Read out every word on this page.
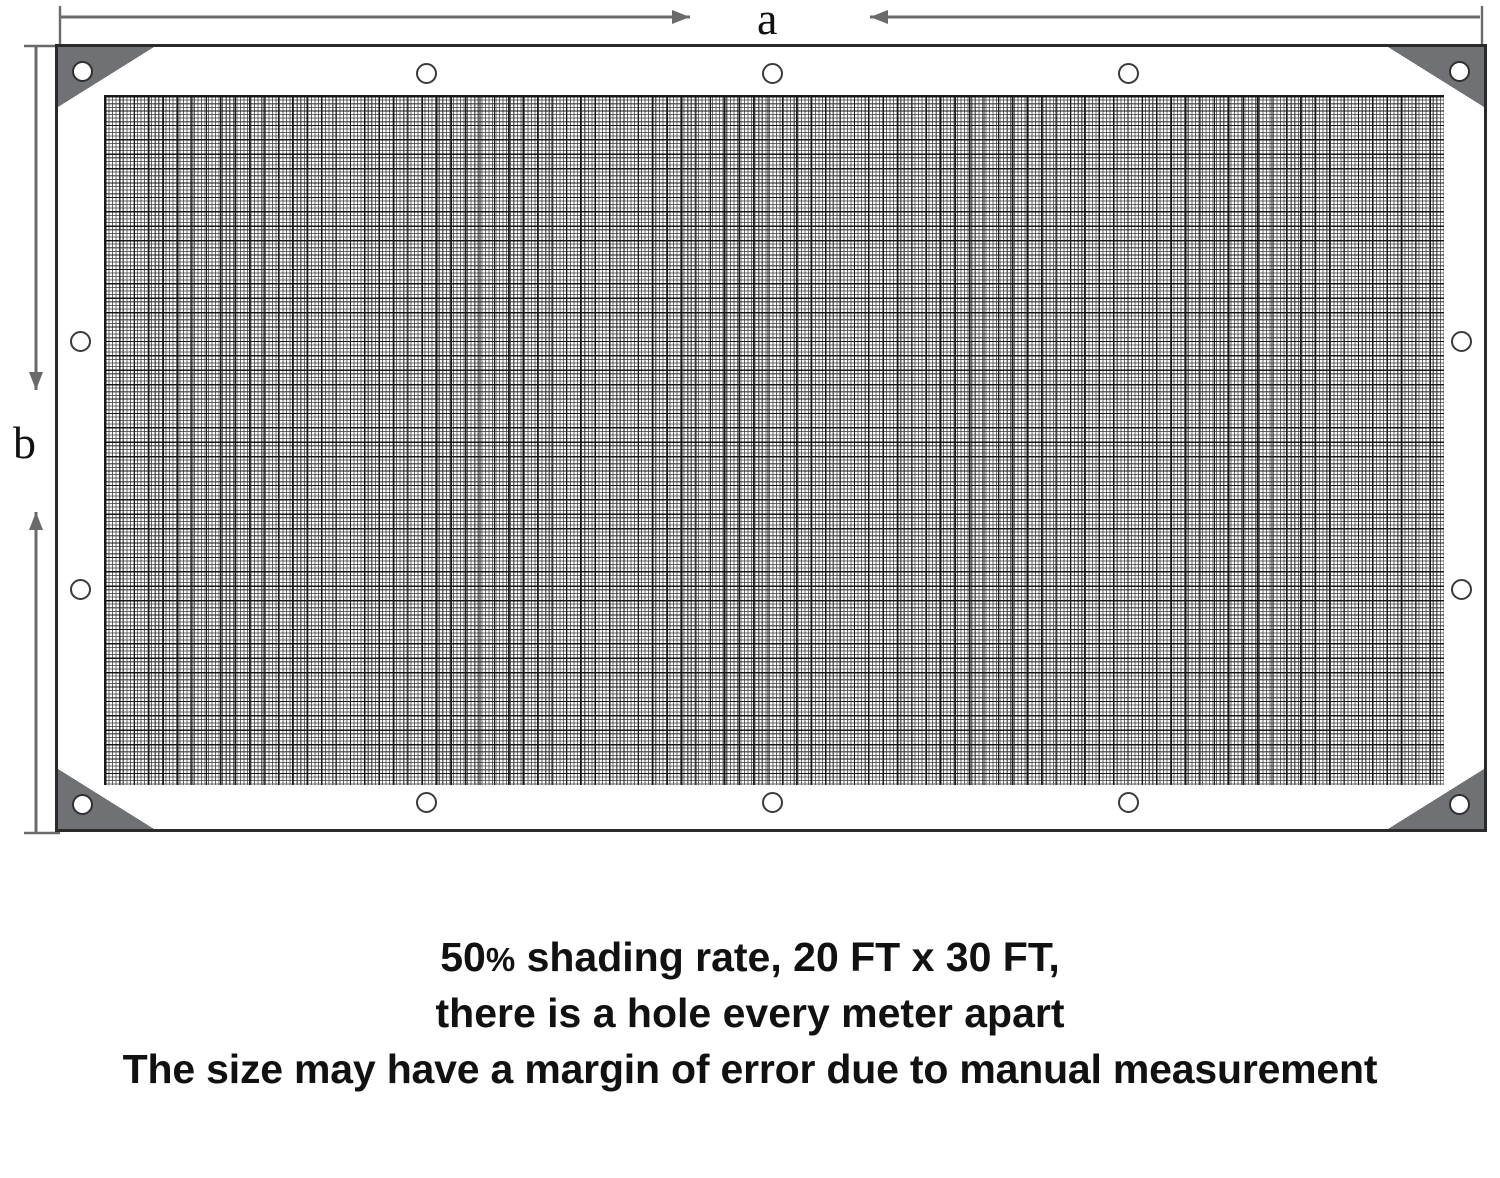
a
b
50% shading rate, 20 FT x 30 FT,
there is a hole every meter apart
The size may have a margin of error due to manual measurement
